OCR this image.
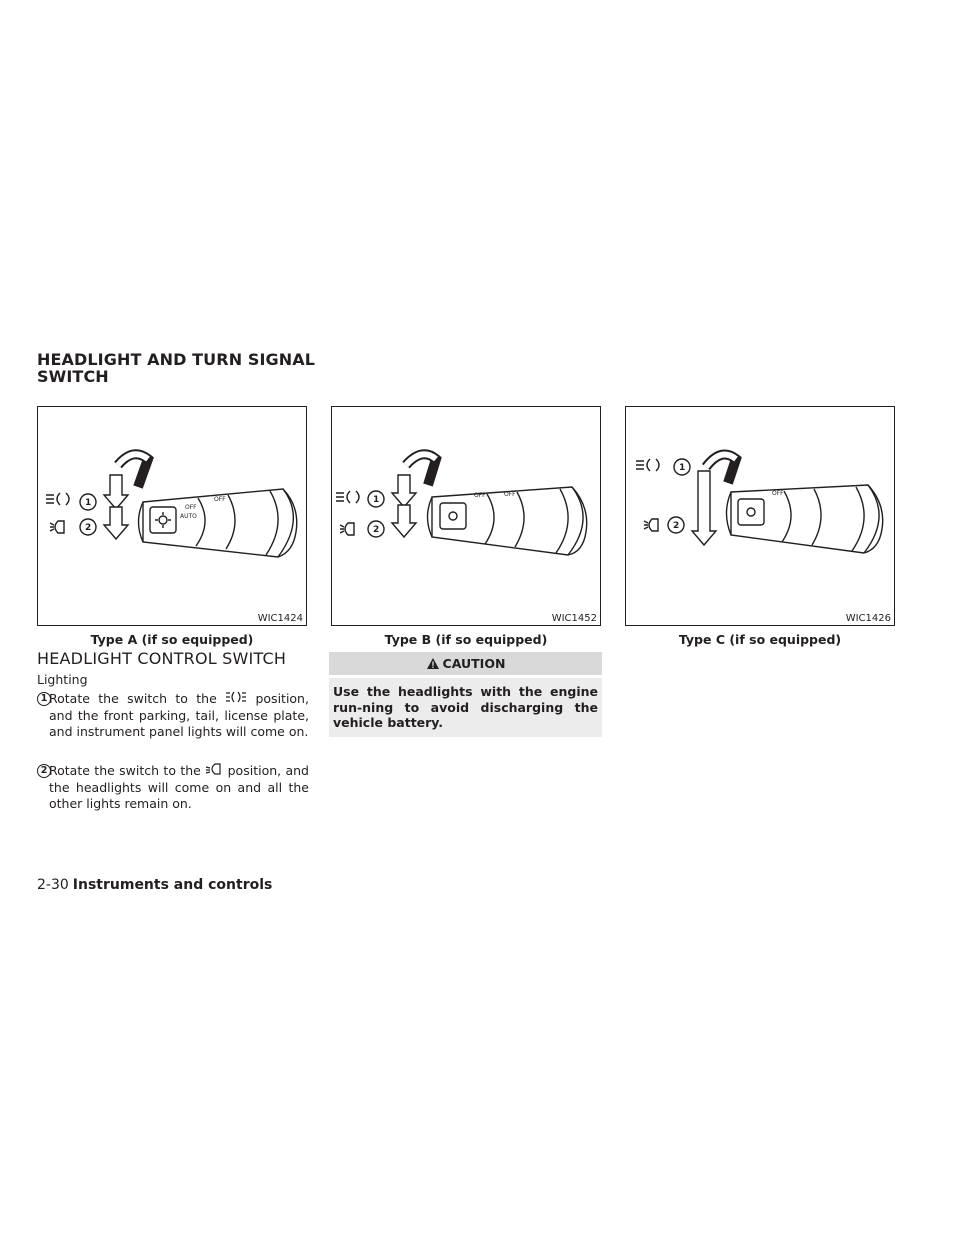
HEADLIGHT AND TURN SIGNAL
SWITCH
1
2
OFF
AUTO
OFF
WIC1424
Type A (if so equipped)
1
2
OFF	OFF
WIC1452
Type B (if so equipped)
1
2
OFF
WIC1426
Type C (if so equipped)
HEADLIGHT CONTROL SWITCH
Lighting
1 Rotate the switch to the	position, and the front parking, tail, license plate, and instrument panel lights will come on.
2 Rotate the switch to the position, and the headlights will come on and all the other lights remain on.
CAUTION
Use the headlights with the engine run-ning to avoid discharging the vehicle battery.
2-30 Instruments and controls
